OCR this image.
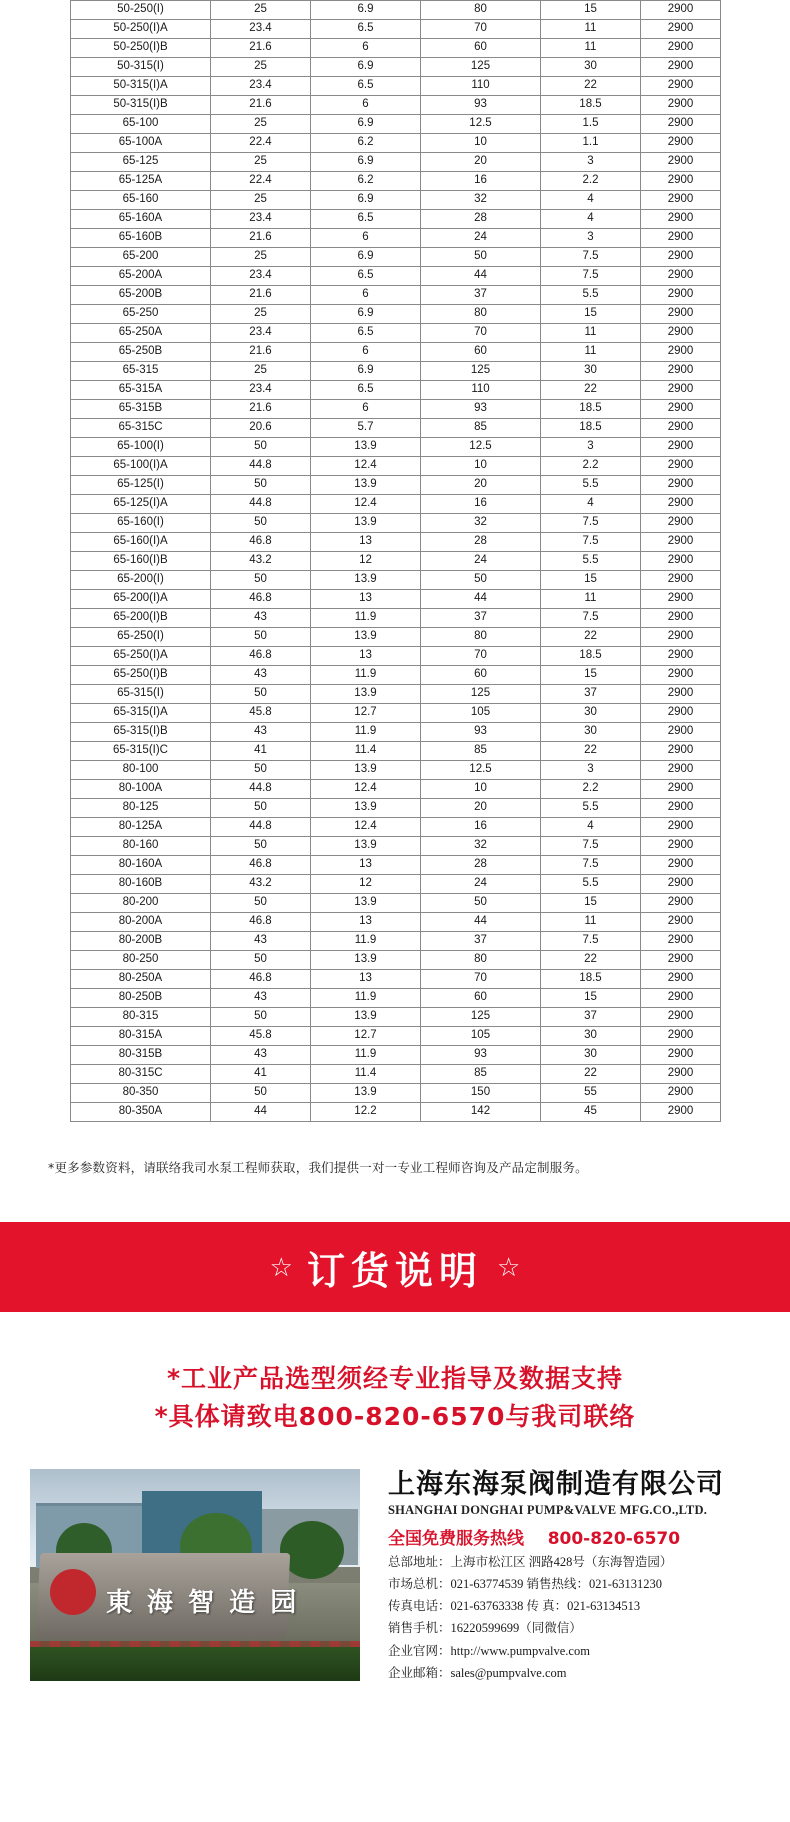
50-250(I)	25	6.9	80	15	2900
50-250(I)A	23.4	6.5	70	11	2900
50-250(I)B	21.6	6	60	11	2900
50-315(I)	25	6.9	125	30	2900
50-315(I)A	23.4	6.5	110	22	2900
50-315(I)B	21.6	6	93	18.5	2900
65-100	25	6.9	12.5	1.5	2900
65-100A	22.4	6.2	10	1.1	2900
65-125	25	6.9	20	3	2900
65-125A	22.4	6.2	16	2.2	2900
65-160	25	6.9	32	4	2900
65-160A	23.4	6.5	28	4	2900
65-160B	21.6	6	24	3	2900
65-200	25	6.9	50	7.5	2900
65-200A	23.4	6.5	44	7.5	2900
65-200B	21.6	6	37	5.5	2900
65-250	25	6.9	80	15	2900
65-250A	23.4	6.5	70	11	2900
65-250B	21.6	6	60	11	2900
65-315	25	6.9	125	30	2900
65-315A	23.4	6.5	110	22	2900
65-315B	21.6	6	93	18.5	2900
65-315C	20.6	5.7	85	18.5	2900
65-100(I)	50	13.9	12.5	3	2900
65-100(I)A	44.8	12.4	10	2.2	2900
65-125(I)	50	13.9	20	5.5	2900
65-125(I)A	44.8	12.4	16	4	2900
65-160(I)	50	13.9	32	7.5	2900
65-160(I)A	46.8	13	28	7.5	2900
65-160(I)B	43.2	12	24	5.5	2900
65-200(I)	50	13.9	50	15	2900
65-200(I)A	46.8	13	44	11	2900
65-200(I)B	43	11.9	37	7.5	2900
65-250(I)	50	13.9	80	22	2900
65-250(I)A	46.8	13	70	18.5	2900
65-250(I)B	43	11.9	60	15	2900
65-315(I)	50	13.9	125	37	2900
65-315(I)A	45.8	12.7	105	30	2900
65-315(I)B	43	11.9	93	30	2900
65-315(I)C	41	11.4	85	22	2900
80-100	50	13.9	12.5	3	2900
80-100A	44.8	12.4	10	2.2	2900
80-125	50	13.9	20	5.5	2900
80-125A	44.8	12.4	16	4	2900
80-160	50	13.9	32	7.5	2900
80-160A	46.8	13	28	7.5	2900
80-160B	43.2	12	24	5.5	2900
80-200	50	13.9	50	15	2900
80-200A	46.8	13	44	11	2900
80-200B	43	11.9	37	7.5	2900
80-250	50	13.9	80	22	2900
80-250A	46.8	13	70	18.5	2900
80-250B	43	11.9	60	15	2900
80-315	50	13.9	125	37	2900
80-315A	45.8	12.7	105	30	2900
80-315B	43	11.9	93	30	2900
80-315C	41	11.4	85	22	2900
80-350	50	13.9	150	55	2900
80-350A	44	12.2	142	45	2900
*更多参数资料，请联络我司水泵工程师获取，我们提供一对一专业工程师咨询及产品定制服务。
☆ 订货说明 ☆
*工业产品选型须经专业指导及数据支持
*具体请致电800-820-6570与我司联络
東 海 智 造 园
上海东海泵阀制造有限公司
SHANGHAI DONGHAI PUMP&VALVE MFG.CO.,LTD.
全国免费服务热线 800-820-6570
总部地址：上海市松江区 泗路428号（东海智造园）
市场总机：021-63774539 销售热线：021-63131230
传真电话：021-63763338 传 真：021-63134513
销售手机：16220599699（同微信）
企业官网：http://www.pumpvalve.com
企业邮箱：sales@pumpvalve.com
